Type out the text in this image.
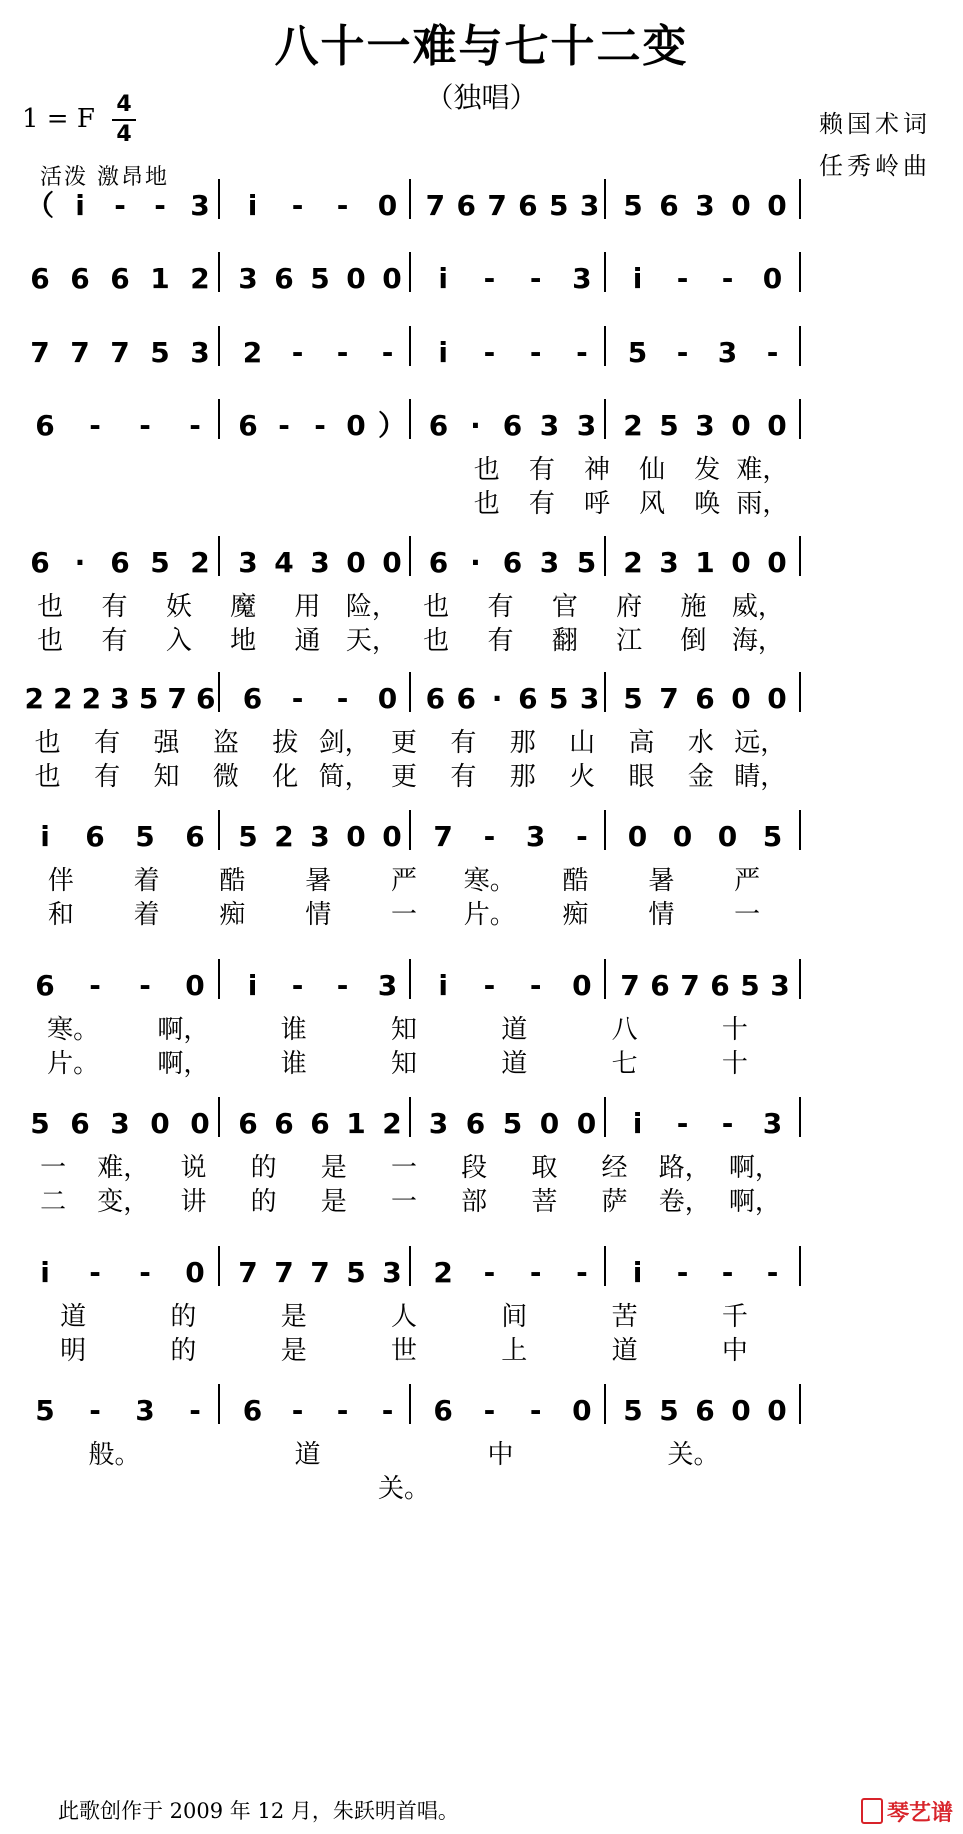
八十一难与七十二变
（独唱）
1 = F 4
4
活泼 激昂地
赖国术词
任秀岭曲
（ i - - 3 i - - 0 7 6 7 6 5 3 5 6 3 0 0
6 6 6 1 2 3 6 5 0 0 i - - 3 i - - 0
7 7 7 5 3 2 - - - i - - - 5 - 3 -
6 - - - 6 - - 0 ） 6 · 6 3 3 2 5 3 0 0
也 有 神 仙 发 难，
也 有 呼 风 唤 雨，
6 · 6 5 2 3 4 3 0 0 6 · 6 3 5 2 3 1 0 0
也 有 妖 魔 用 险， 也 有 官 府 施 威，
也 有 入 地 通 天， 也 有 翻 江 倒 海，
2 2 2 3 5 7 6 6 - - 0 6 6 · 6 5 3 5 7 6 0 0
也 有 强 盗 拔 剑， 更 有 那 山 高 水 远，
也 有 知 微 化 简， 更 有 那 火 眼 金 睛，
i 6 5 6 5 2 3 0 0 7 - 3 - 0 0 0 5
伴 着 酷 暑 严 寒。 酷 暑 严
和 着 痴 情 一 片。 痴 情 一
6 - - 0 i - - 3 i - - 0 7 6 7 6 5 3
寒。 啊，	谁	知	道	八	十
片。 啊，	谁	知	道	七	十
5 6 3 0 0 6 6 6 1 2 3 6 5 0 0 i - - 3
一 难， 说 的 是 一 段 取 经 路， 啊，
二 变， 讲 的 是 一 部 菩 萨 卷， 啊，
i - - 0 7 7 7 5 3 2 - - - i - - -
道	的	是	人	间	苦	千
明	的	是	世	上	道	中
5 - 3 - 6 - - - 6 - - 0 5 5 6 0 0
般。	道	中	关。
关。
此歌创作于 2009 年 12 月，朱跃明首唱。	琴艺谱
